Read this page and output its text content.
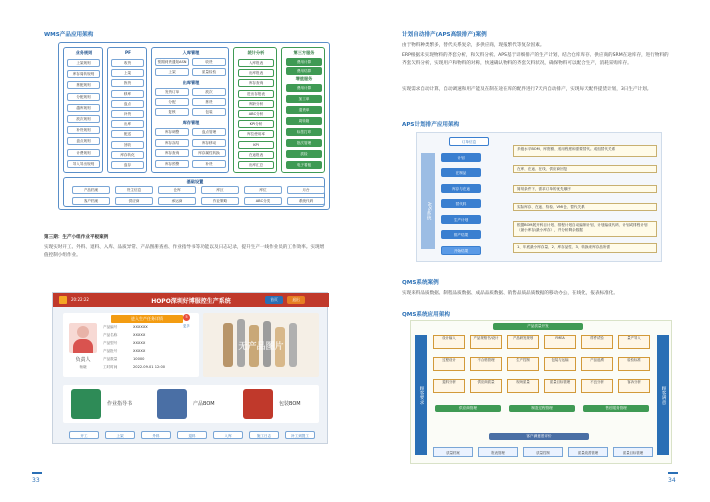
WMS产品应用架构
业务规则
上架规则
库存周转规则
拣配规则
分配规则
越库规则
波次规则
补货规则
盘点规则
计费规则
导入导出规则
PF
收货
上架
拣货
移库
盘点
补货
出库
配送
回收
库存转化
盘存
入库管理
出库管理
库存管理
预期到货通知ASN	收货
上架	质量检验
发货订单	波次
分配	拣货
复核	包装
库存调整	盘点管理
库存冻结	库存移动
库存查询	库存属性转换
库存预警	补货
统计分析
入库报表
出库报表
库存查询
进出存报表
库龄分析
ABC分析
KPI分析
库位使用率
KPI
在途报表
出库汇总
第三方服务
增值服务
费用计算
费用结算
费用计算
加工单
退货单
周转箱
标签打印
批次管理
质检
电子看板
基础设置
产品档案	货主信息	仓库	库区	库位	月台
客户档案	供应商	承运商	作业策略	ABC分类	系统代码
第三期：生产小组作业平板案例
实现实时开工、外料、退料、入库、品质异常、产品图册查看、作业指导书等功能以及日志记录，提升生产一线作业员的工作效率。实现增值控制小组作业。
20:22:22	HOPO深圳好博服控生产系统	首页	退出
进入生产任务详情	5
更多
负责人
杨晓
产品编号	XXXXXX
产品名称	XXXXX
产品型号	XXXXX
产品批号	XXXXX
产品数量	10000
工时时间	2022.09.01 12:00
无产品图片
作业指导书	产品BOM	包装BOM
开工	上架	外料	退料	入库	施工日志	补工到提工
33
计划自动排产(APS高级排产)案例
由于物料种类繁多，替代关系复杂，多供应商，现报繁代等复杂因素。
ERP根据未实现物料的齐套分析，和欠料分析。APS基于详细排产的生产计划，结合仓库库存、供应商的SRM在途库存，进行物料的齐套欠料分析，实现用户和物料的对称，快速确认物料的齐套欠料状况，确保物料可以配合生产，消耗采购库存。
实现需求自动计算，自动调速和用产能及在制在途在库的配件进行7天内自动排产，实现每天配件提货计划，3日生产计划。
APS计划排产应用架构
APS系统
订单信息
计划
在制品
库存与在途
替代料
生产计划
排产结果
开始结果
多级水平BOM、库资额、适用程度和需要替代。成组替代关系
在库、在途、在线、供应商回复
简易条件下，需求订单的优先顺序
实际库存、在途、待检、VMI仓、替代关系
根据BOM展开科目计划、排程计划自动编制计划，计划编成代码、计划或排程计划（最小库存/最小库存），并分析剩余数据
1、年底最小库存量、2、库存品性、3、转换来库存品所需
QMS系统案例
实现来料品质数据、制程品质数据、成品品质数据、销售品质品质数据的移动办公，在线化，报表标准化。
QMS系统应用架构
产品质量开发
顾客要求	顾客满意
客户满意度评价
设计输入	产品规格书/设计	产品研发规划	FMEA	样件试验	量产导入
过程设计	不合格管理	生产控制	包装与运输	产品追溯	检验标准
退料分析	供应商质量	现场质量	质量目标管理	不良分析	客诉分析
供应商管理	制造过程管理	售后服务管理
质量档案	报表管理	质量控制	质量改善管理	质量目标管理
34
